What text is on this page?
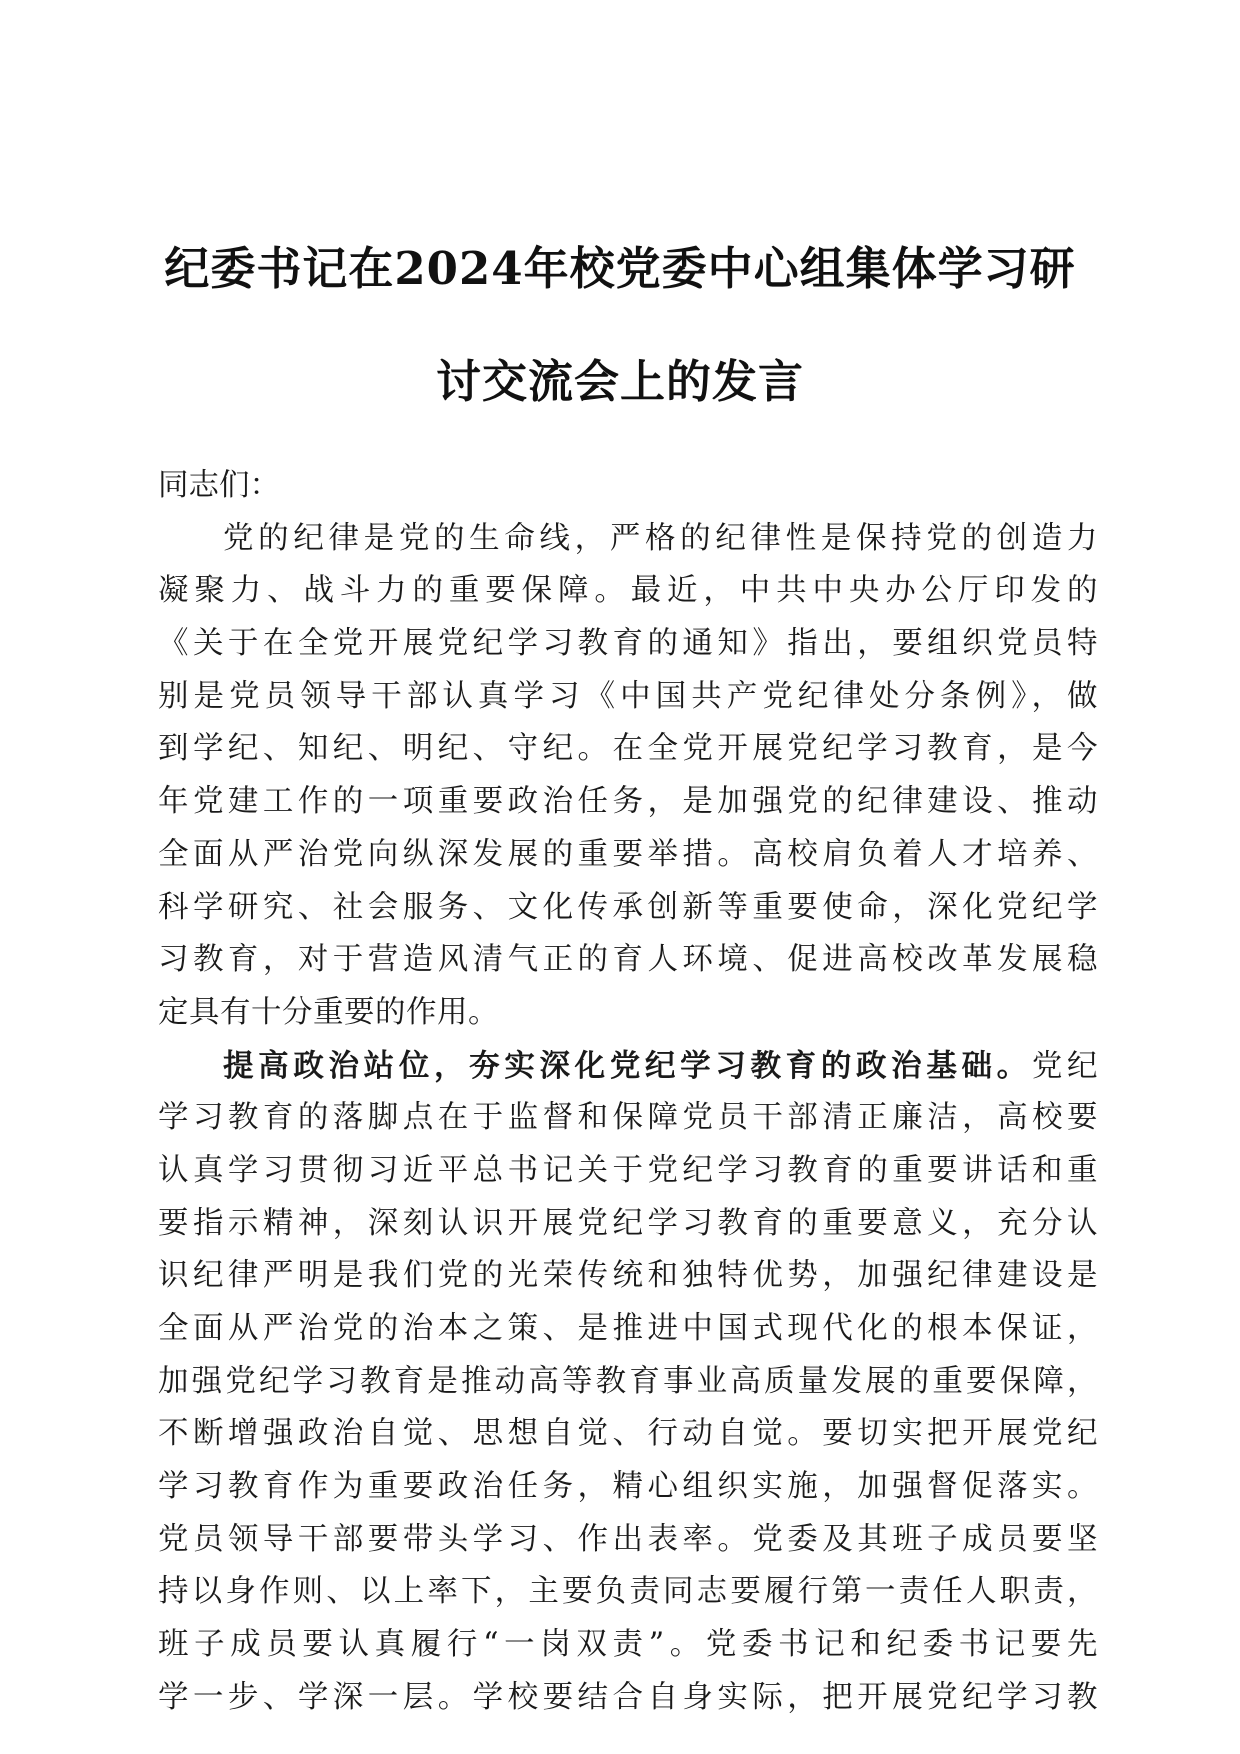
纪委书记在2024年校党委中心组集体学习研
讨交流会上的发言
同志们：
党的纪律是党的生命线，严格的纪律性是保持党的创造力
凝聚力、战斗力的重要保障。最近，中共中央办公厅印发的
《关于在全党开展党纪学习教育的通知》指出，要组织党员特
别是党员领导干部认真学习《中国共产党纪律处分条例》，做
到学纪、知纪、明纪、守纪。在全党开展党纪学习教育，是今
年党建工作的一项重要政治任务，是加强党的纪律建设、推动
全面从严治党向纵深发展的重要举措。高校肩负着人才培养、
科学研究、社会服务、文化传承创新等重要使命，深化党纪学
习教育，对于营造风清气正的育人环境、促进高校改革发展稳
定具有十分重要的作用。
提高政治站位，夯实深化党纪学习教育的政治基础。党纪
学习教育的落脚点在于监督和保障党员干部清正廉洁，高校要
认真学习贯彻习近平总书记关于党纪学习教育的重要讲话和重
要指示精神，深刻认识开展党纪学习教育的重要意义，充分认
识纪律严明是我们党的光荣传统和独特优势，加强纪律建设是
全面从严治党的治本之策、是推进中国式现代化的根本保证，
加强党纪学习教育是推动高等教育事业高质量发展的重要保障，
不断增强政治自觉、思想自觉、行动自觉。要切实把开展党纪
学习教育作为重要政治任务，精心组织实施，加强督促落实。
党员领导干部要带头学习、作出表率。党委及其班子成员要坚
持以身作则、以上率下，主要负责同志要履行第一责任人职责，
班子成员要认真履行“一岗双责”。党委书记和纪委书记要先
学一步、学深一层。学校要结合自身实际，把开展党纪学习教
